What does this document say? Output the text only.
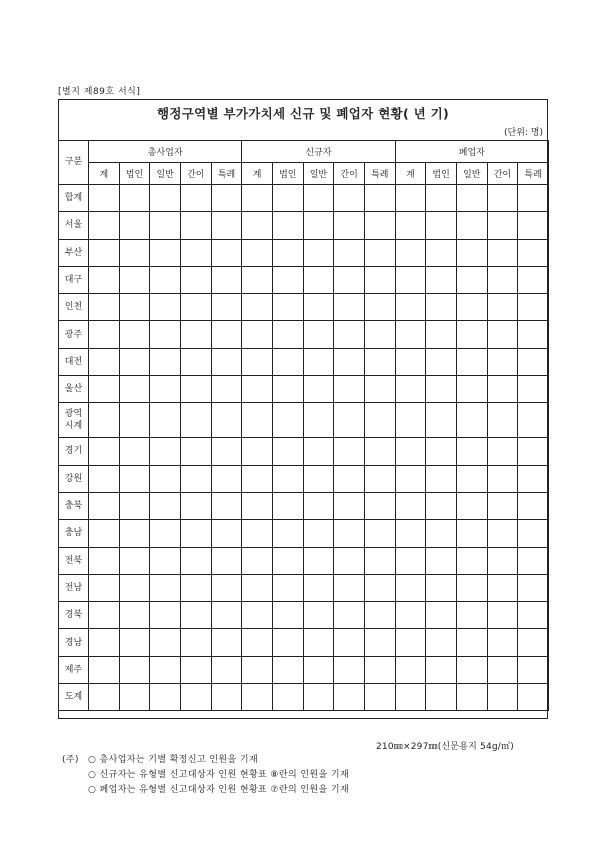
[별지 제89호 서식]
행정구역별 부가가치세 신규 및 폐업자 현황( 년 기)
(단위: 명)
구분	총사업자					신규자					폐업자				
	계	법인	일반	간이	특례	계	법인	일반	간이	특례	계	법인	일반	간이	특례
합계															
서울															
부산															
대구															
인천															
광주															
대전															
울산															
광역
시계															
경기															
강원															
충북															
충남															
전북															
전남															
경북															
경남															
제주															
도계															
210㎜×297㎜(신문용지 54g/㎡)
(주) ○ 총사업자는 기별 확정신고 인원을 기재
○ 신규자는 유형별 신고대상자 인원 현황표 ⑧란의 인원을 기재
○ 폐업자는 유형별 신고대상자 인원 현황표 ⑦란의 인원을 기재
